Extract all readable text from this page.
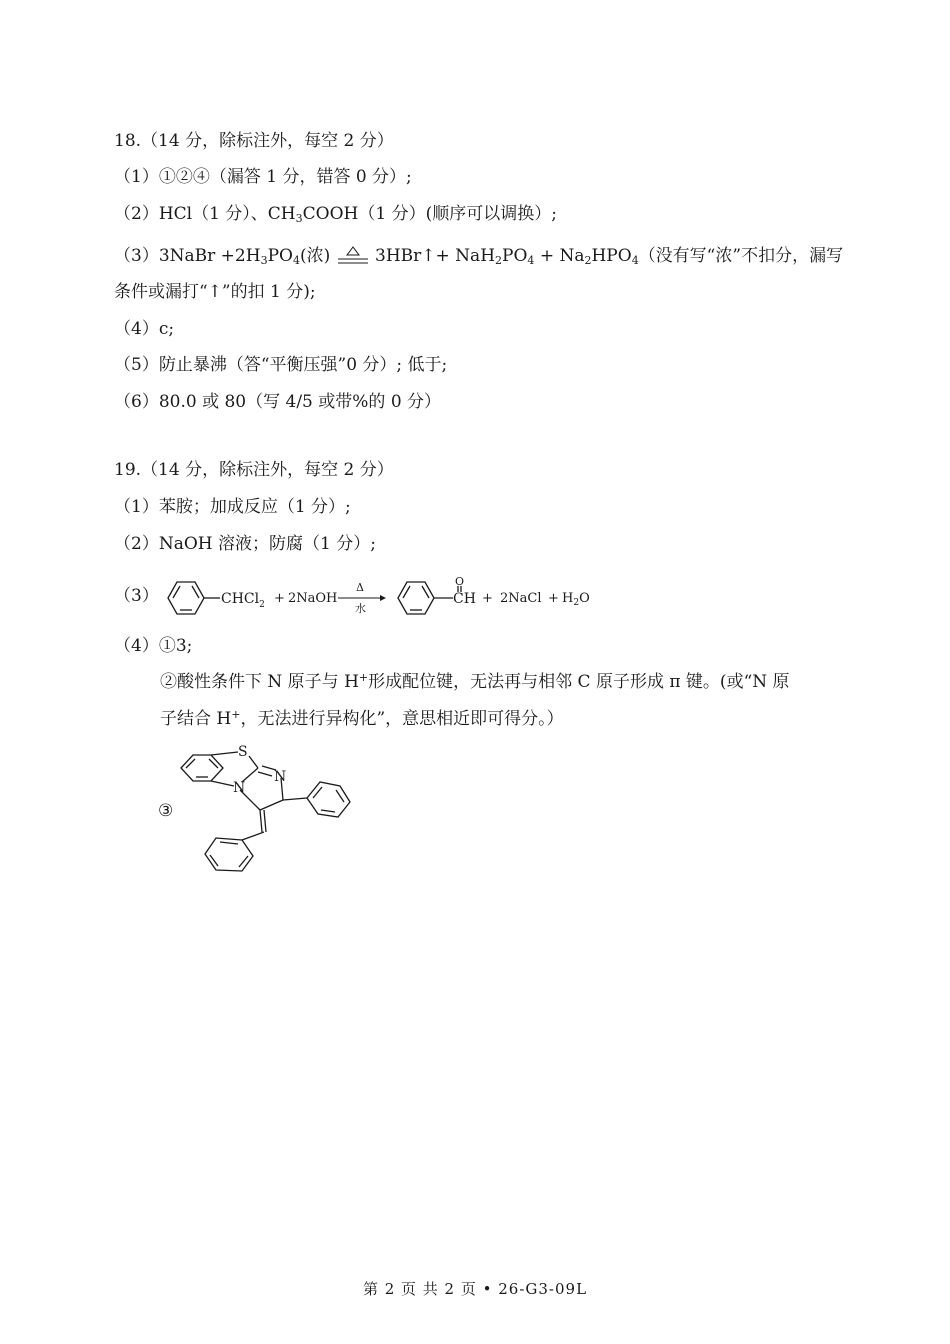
18.（14 分，除标注外，每空 2 分）
（1）①②④（漏答 1 分，错答 0 分）;
（2）HCl（1 分）、$CH_3COOH(1$ 分）(顺序可以调换）;
（3）3NaBr $+2H_3PO_4$(浓)	3HBr↑+ $NaH_2PO_4 + Na_2HPO_4$（没有写“浓”不扣分，漏写
条件或漏打“↑”的扣 1 分);
（4）c;
（5）防止暴沸（答“平衡压强”0 分）; 低于;
（6）80.0 或 80（写 4/5 或带%的 0 分）
19.（14 分，除标注外，每空 2 分）
（1）苯胺；加成反应（1 分）;
（2）NaOH 溶液；防腐（1 分）;
（3）	CHCl$_2$ + 2NaOH
Δ
水
O
CH + 2NaCl + $H_2O$
（4）①3;
②酸性条件下 N 原子与 H+形成配位键，无法再与相邻 C 原子形成 π 键。(或“N 原
子结合 H+，无法进行异构化”，意思相近即可得分。）
③
S
N
N
第 2 页 共 2 页 • 26-G3-09L
